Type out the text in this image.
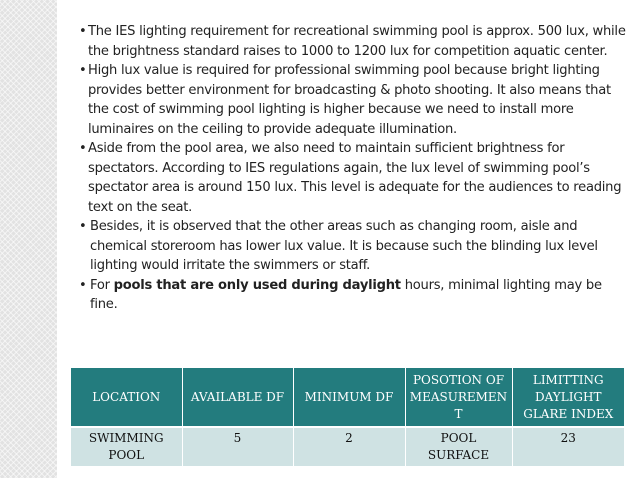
• The IES lighting requirement for recreational swimming pool is approx. 500 lux, while the brightness standard raises to 1000 to 1200 lux for competition aquatic center.
• High lux value is required for professional swimming pool because bright lighting provides better environment for broadcasting & photo shooting. It also means that the cost of swimming pool lighting is higher because we need to install more luminaires on the ceiling to provide adequate illumination.
• Aside from the pool area, we also need to maintain sufficient brightness for spectators. According to IES regulations again, the lux level of swimming pool’s spectator area is around 150 lux. This level is adequate for the audiences to reading text on the seat.
• Besides, it is observed that the other areas such as changing room, aisle and chemical storeroom has lower lux value. It is because such the blinding lux level lighting would irritate the swimmers or staff.
• For pools that are only used during daylight hours, minimal lighting may be fine.
LOCATION	AVAILABLE DF	MINIMUM DF	POSOTION OF MEASUREMEN T	LIMITTING DAYLIGHT GLARE INDEX
SWIMMING POOL	5	2	POOL SURFACE	23
